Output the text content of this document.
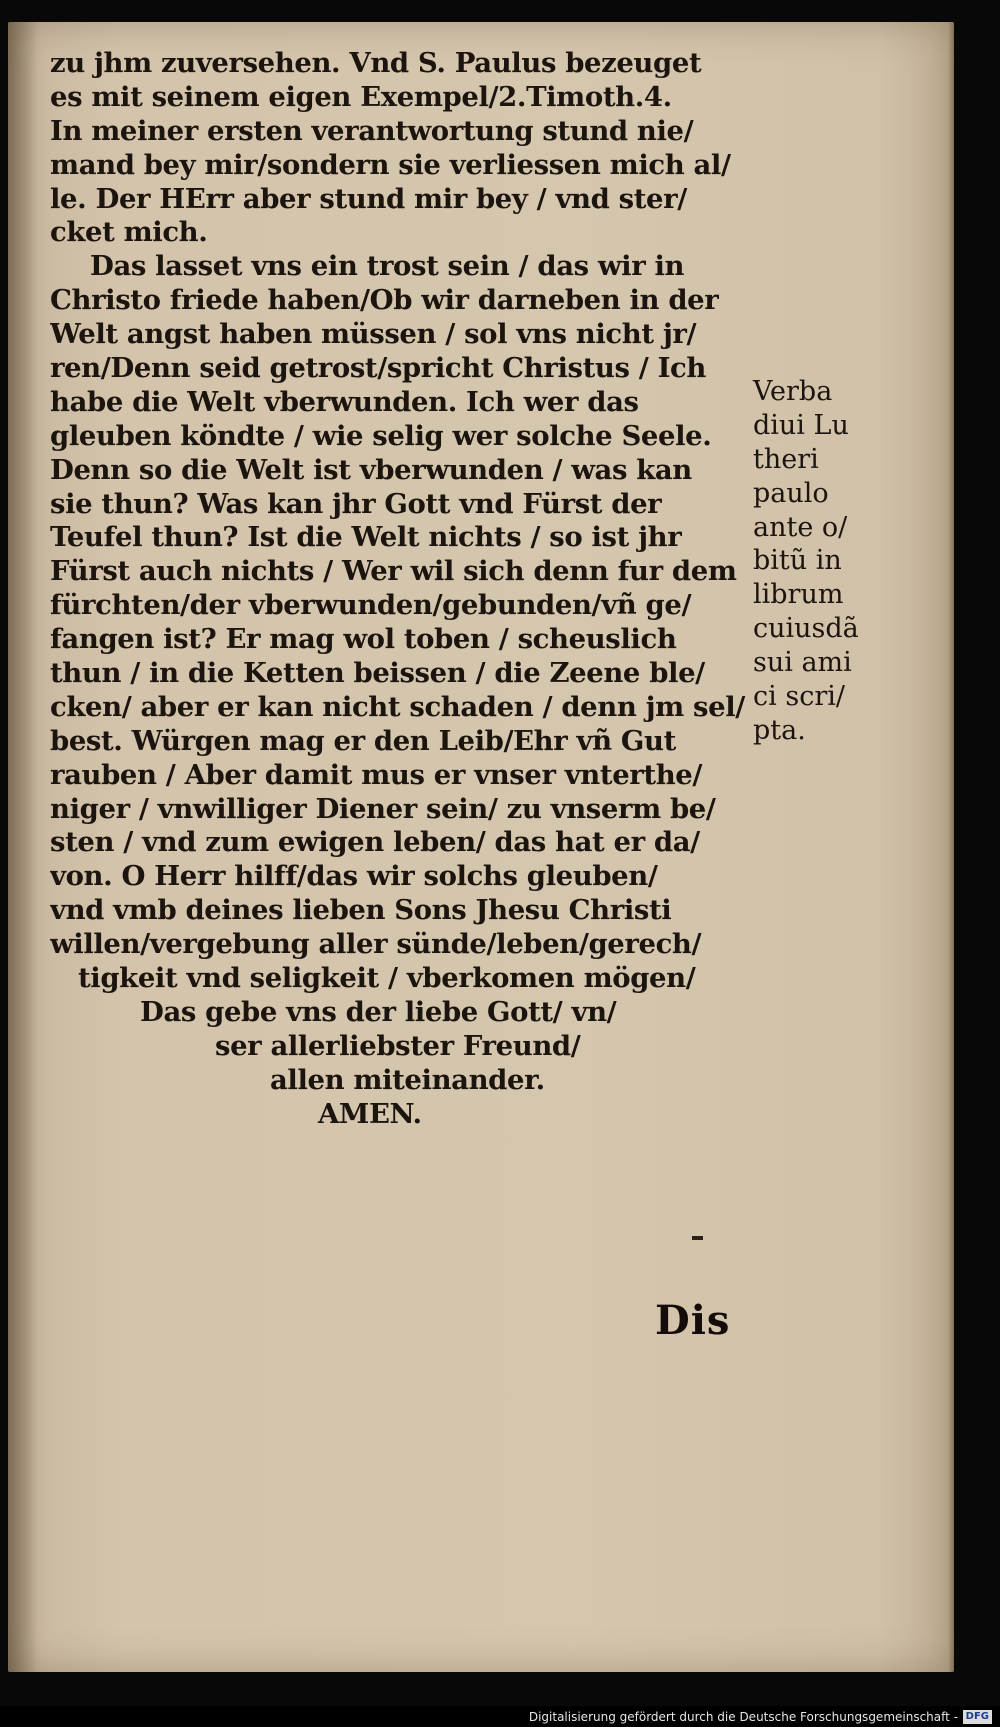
zu jhm zuversehen. Vnd S. Paulus bezeuget
es mit seinem eigen Exempel/2.Timoth.4.
In meiner ersten verantwortung stund nie/
mand bey mir/sondern sie verliessen mich al/
le. Der HErr aber stund mir bey / vnd ster/
cket mich.
Das lasset vns ein trost sein / das wir in
Christo friede haben/Ob wir darneben in der
Welt angst haben müssen / sol vns nicht jr/
ren/Denn seid getrost/spricht Christus / Ich
habe die Welt vberwunden. Ich wer das
gleuben köndte / wie selig wer solche Seele.
Denn so die Welt ist vberwunden / was kan
sie thun? Was kan jhr Gott vnd Fürst der
Teufel thun? Ist die Welt nichts / so ist jhr
Fürst auch nichts / Wer wil sich denn fur dem
fürchten/der vberwunden/gebunden/vñ ge/
fangen ist? Er mag wol toben / scheuslich
thun / in die Ketten beissen / die Zeene ble/
cken/ aber er kan nicht schaden / denn jm sel/
best. Würgen mag er den Leib/Ehr vñ Gut
rauben / Aber damit mus er vnser vnterthe/
niger / vnwilliger Diener sein/ zu vnserm be/
sten / vnd zum ewigen leben/ das hat er da/
von. O Herr hilff/das wir solchs gleuben/
vnd vmb deines lieben Sons Jhesu Christi
willen/vergebung aller sünde/leben/gerech/
tigkeit vnd seligkeit / vberkomen mögen/
Das gebe vns der liebe Gott/ vn/
ser allerliebster Freund/
allen miteinander.
AMEN.
Verba
diui Lu
theri
paulo
ante o/
bitũ in
librum
cuiusdã
sui ami
ci scri/
pta.
Dis
Digitalisierung gefördert durch die Deutsche Forschungsgemeinschaft - DFG
